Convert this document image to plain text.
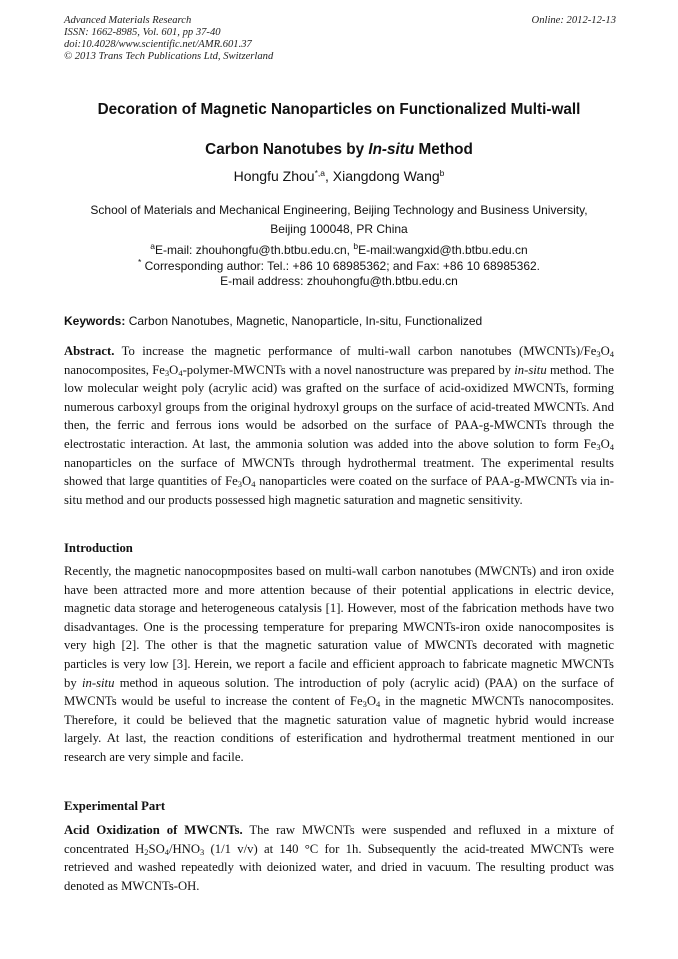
Advanced Materials Research
ISSN: 1662-8985, Vol. 601, pp 37-40
doi:10.4028/www.scientific.net/AMR.601.37
© 2013 Trans Tech Publications Ltd, Switzerland
Online: 2012-12-13
Decoration of Magnetic Nanoparticles on Functionalized Multi-wall
Carbon Nanotubes by In-situ Method
Hongfu Zhou$^{*,a}$, Xiangdong Wang$^b$
School of Materials and Mechanical Engineering, Beijing Technology and Business University,
Beijing 100048, PR China
$^a$E-mail: zhouhongfu@th.btbu.edu.cn, $^b$E-mail:wangxid@th.btbu.edu.cn
* Corresponding author: Tel.: +86 10 68985362; and Fax: +86 10 68985362.
E-mail address: zhouhongfu@th.btbu.edu.cn
Keywords: Carbon Nanotubes, Magnetic, Nanoparticle, In-situ, Functionalized
Abstract. To increase the magnetic performance of multi-wall carbon nanotubes $(MWCNTs)/Fe_3O_4$ nanocomposites, $Fe_3O_4-polymer$-MWCNTs with a novel nanostructure was prepared by in-situ method. The low molecular weight poly (acrylic acid) was grafted on the surface of acid-oxidized MWCNTs, forming numerous carboxyl groups from the original hydroxyl groups on the surface of acid-treated MWCNTs. And then, the ferric and ferrous ions would be adsorbed on the surface of PAA-g-MWCNTs through the electrostatic interaction. At last, the ammonia solution was added into the above solution to form $Fe_3O_4$ nanoparticles on the surface of MWCNTs through hydrothermal treatment. The experimental results showed that large quantities of $Fe_3O_4$ nanoparticles were coated on the surface of PAA-g-MWCNTs via in-situ method and our products possessed high magnetic saturation and magnetic sensitivity.
Introduction
Recently, the magnetic nanocopmposites based on multi-wall carbon nanotubes (MWCNTs) and iron oxide have been attracted more and more attention because of their potential applications in electric device, magnetic data storage and heterogeneous catalysis [1]. However, most of the fabrication methods have two disadvantages. One is the processing temperature for preparing MWCNTs-iron oxide nanocomposites is very high [2]. The other is that the magnetic saturation value of MWCNTs decorated with magnetic particles is very low [3]. Herein, we report a facile and efficient approach to fabricate magnetic MWCNTs by in-situ method in aqueous solution. The introduction of poly (acrylic acid) (PAA) on the surface of MWCNTs would be useful to increase the content of $Fe_3O_4$ in the magnetic MWCNTs nanocomposites. Therefore, it could be believed that the magnetic saturation value of magnetic hybrid would increase largely. At last, the reaction conditions of esterification and hydrothermal treatment mentioned in our research are very simple and facile.
Experimental Part
Acid Oxidization of MWCNTs. The raw MWCNTs were suspended and refluxed in a mixture of concentrated $H_2SO_4/HNO_3$ (1/1 v/v) at 140 °C for 1h. Subsequently the acid-treated MWCNTs were retrieved and washed repeatedly with deionized water, and dried in vacuum. The resulting product was denoted as MWCNTs-OH.
